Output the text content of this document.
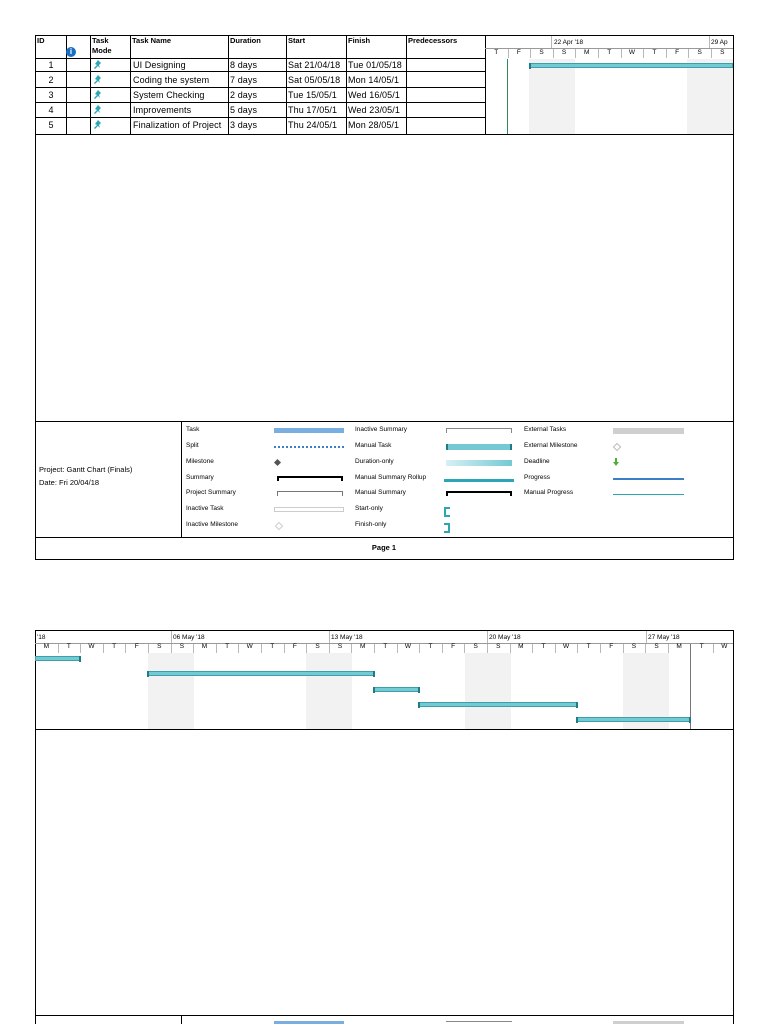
ID
i
Task
Mode
Task Name	Duration	Start	Finish	Predecessors
1	UI Designing	8 days	Sat 21/04/18 Tue 01/05/18
2	Coding the system 7 days	Sat 05/05/18 Mon 14/05/1
3	System Checking	2 days	Tue 15/05/1 Wed 16/05/1
4	Improvements	5 days	Thu 17/05/1 Wed 23/05/1
5	Finalization of Project 3 days	Thu 24/05/1 Mon 28/05/1
22 Apr '18	29 Ap
T	F	S	S	M	T	W	T	F	S	S
Project: Gantt Chart (Finals)
Date: Fri 20/04/18
Task
Split
Milestone
Summary
Project Summary
Inactive Task
Inactive Milestone
Inactive Summary
Manual Task
Duration-only
Manual Summary Rollup
Manual Summary
Start-only
Finish-only
External Tasks
External Milestone
Deadline
Progress
Manual Progress
Page 1
'18	06 May '18	13 May '18	20 May '18	27 May '18
M	T	W	T	F	S	S	M	T	W	T	F	S	S	M	T	W	T	F	S	S	M	T	W	T	F	S	S	M	T	W
